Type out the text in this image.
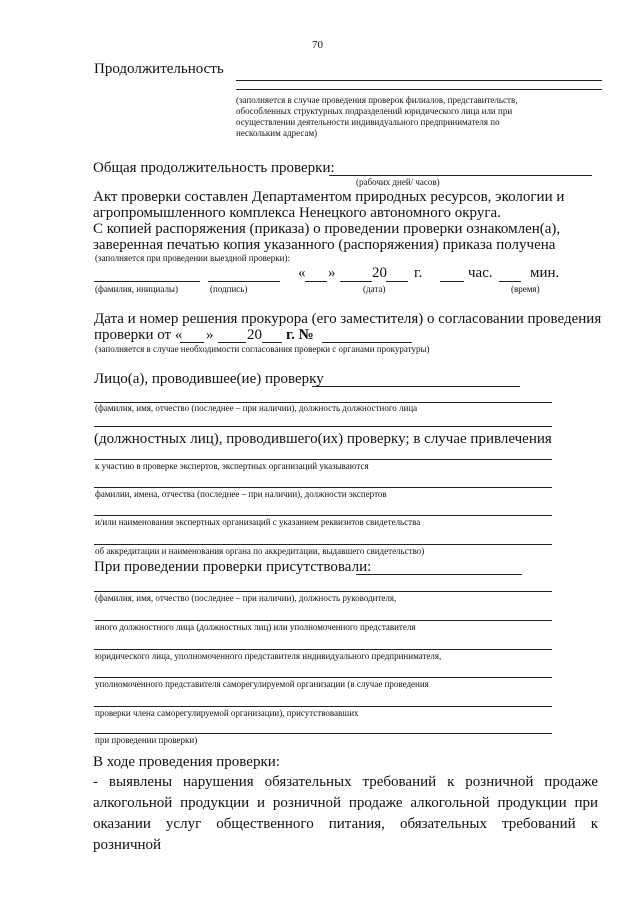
70
Продолжительность
(заполняется в случае проведения проверок филиалов, представительств,
обособленных структурных подразделений юридического лица или при
осуществлении деятельности индивидуального предпринимателя по
нескольким адресам)
Общая продолжительность проверки:
(рабочих дней/ часов)
Акт проверки составлен Департаментом природных ресурсов, экологии и
агропромышленного комплекса Ненецкого автономного округа.
С копией распоряжения (приказа) о проведении проверки ознакомлен(а),
заверенная печатью копия указанного (распоряжения) приказа получена
(заполняется при проведении выездной проверки):
« » 20 г.	час. мин.
(фамилия, инициалы)	(подпись)	(дата)	(время)
Дата и номер решения прокурора (его заместителя) о согласовании проведения
проверки от « » 20 г. №
(заполняется в случае необходимости согласования проверки с органами прокуратуры)
Лицо(а), проводившее(ие) проверку
(фамилия, имя, отчество (последнее – при наличии), должность должностного лица
(должностных лиц), проводившего(их) проверку; в случае привлечения
к участию в проверке экспертов, экспертных организаций указываются
фамилии, имена, отчества (последнее – при наличии), должности экспертов
и/или наименования экспертных организаций с указанием реквизитов свидетельства
об аккредитации и наименования органа по аккредитации, выдавшего свидетельство)
При проведении проверки присутствовали:
(фамилия, имя, отчество (последнее – при наличии), должность руководителя,
иного должностного лица (должностных лиц) или уполномоченного представителя
юридического лица, уполномоченного представителя индивидуального предпринимателя,
уполномоченного представителя саморегулируемой организации (в случае проведения
проверки члена саморегулируемой организации), присутствовавших
при проведении проверки)
В ходе проведения проверки:
- выявлены нарушения обязательных требований к розничной продаже
алкогольной продукции и розничной продаже алкогольной продукции при
оказании услуг общественного питания, обязательных требований к розничной
